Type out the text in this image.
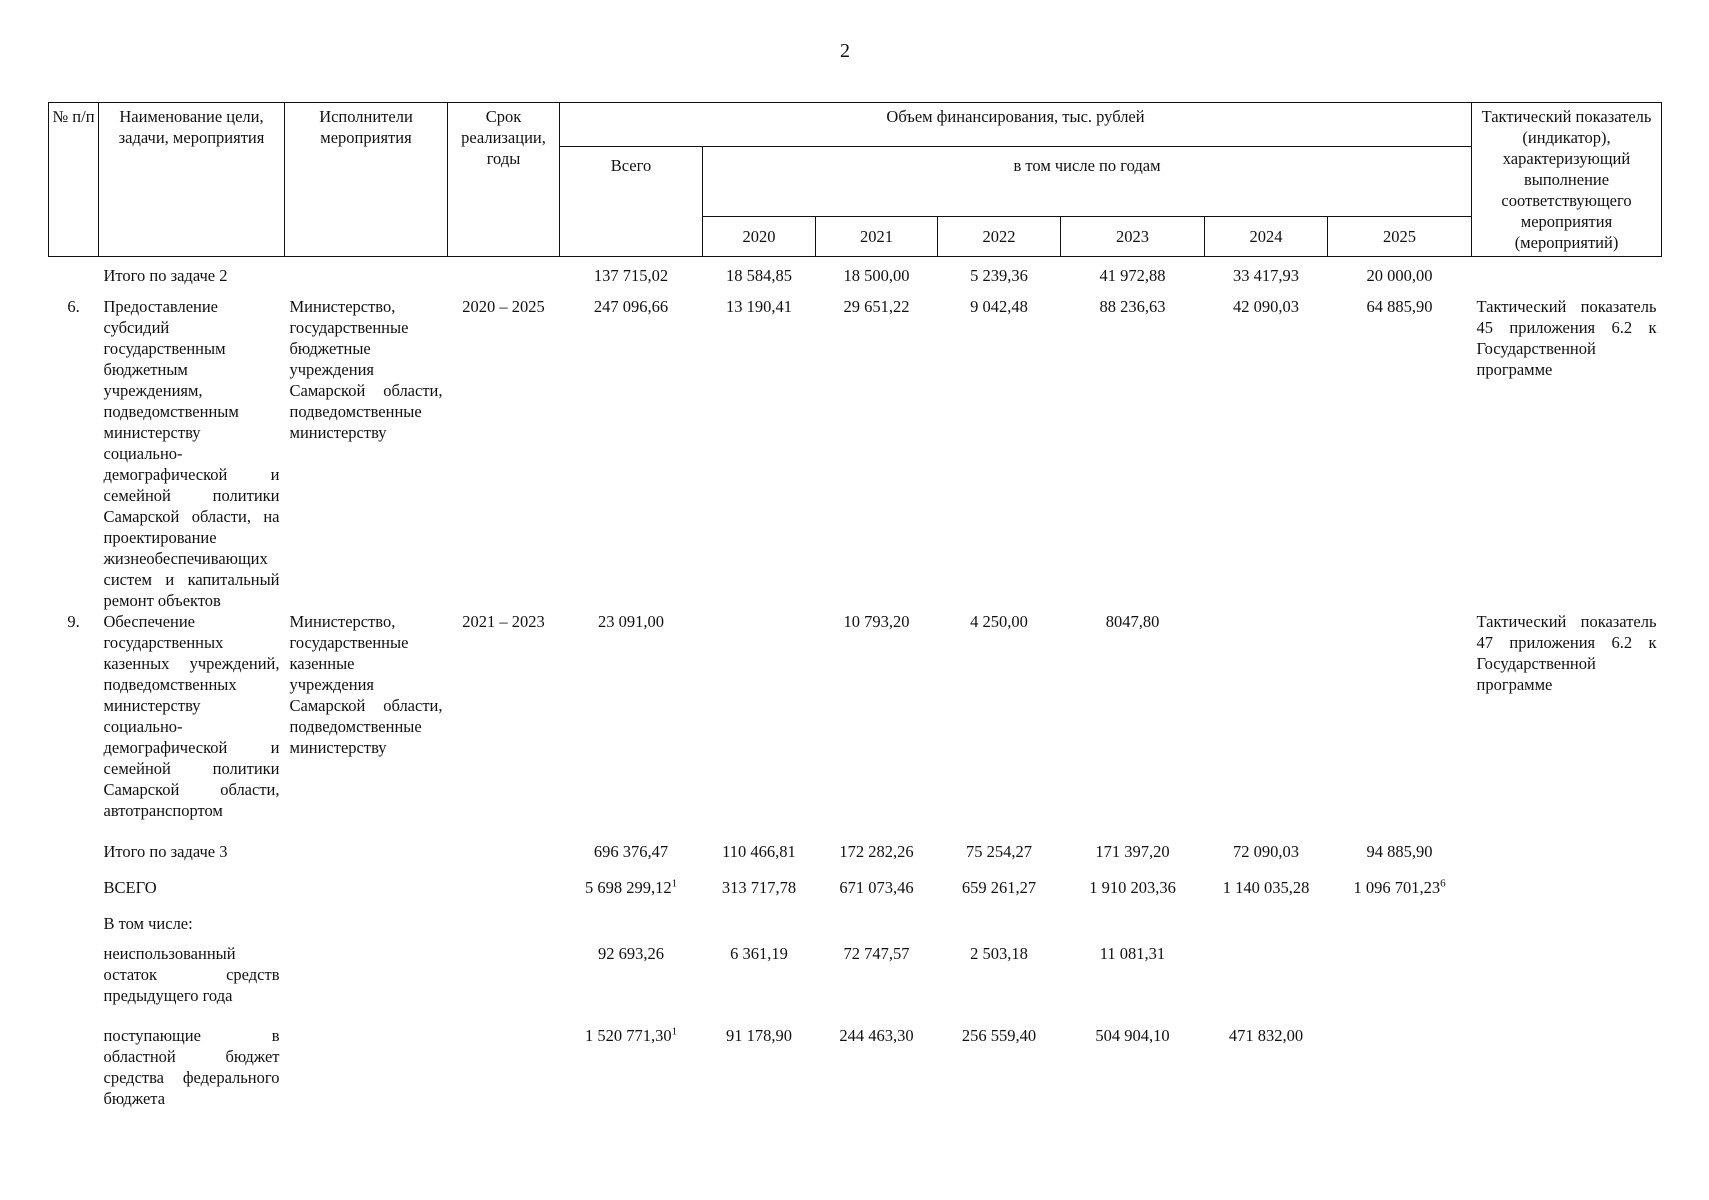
2
№ п/п	Наименование цели, задачи, мероприятия	Исполнители мероприятия	Срок реализации, годы	Объем финансирования, тыс. рублей							Тактический показатель (индикатор), характеризующий выполнение соответствующего мероприятия (мероприятий)
				Всего	в том числе по годам						
					2020	2021	2022	2023	2024	2025	
	Итого по задаче 2			137 715,02	18 584,85	18 500,00	5 239,36	41 972,88	33 417,93	20 000,00	
6.	Предоставление субсидий государственным бюджетным учреждениям, подведомственным министерству социально-демографической и семейной политики Самарской области, на проектирование жизнеобеспечивающих систем и капитальный ремонт объектов	Министерство, государственные бюджетные учреждения Самарской области, подведомственные министерству	2020 – 2025	247 096,66	13 190,41	29 651,22	9 042,48	88 236,63	42 090,03	64 885,90	Тактический показатель 45 приложения 6.2 к Государственной программе
9.	Обеспечение государственных казенных учреждений, подведомственных министерству социально-демографической и семейной политики Самарской области, автотранспортом	Министерство, государственные казенные учреждения Самарской области, подведомственные министерству	2021 – 2023	23 091,00		10 793,20	4 250,00	8047,80			Тактический показатель 47 приложения 6.2 к Государственной программе
	Итого по задаче 3			696 376,47	110 466,81	172 282,26	75 254,27	171 397,20	72 090,03	94 885,90	
	ВСЕГО			5 698 299,12$^1$	313 717,78	671 073,46	659 261,27	1 910 203,36	1 140 035,28	1 096 701,23$^6$	
	В том числе:										
	неиспользованный остаток средств предыдущего года			92 693,26	6 361,19	72 747,57	2 503,18	11 081,31			
	поступающие в областной бюджет средства федерального бюджета			1 520 771,30$^1$	91 178,90	244 463,30	256 559,40	504 904,10	471 832,00		
